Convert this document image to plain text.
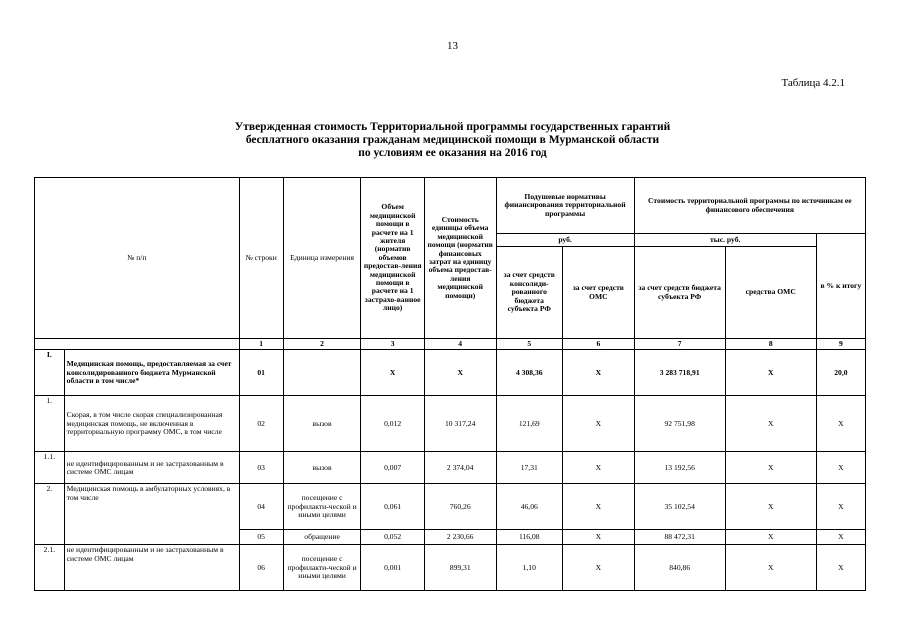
13
Таблица 4.2.1
Утвержденная стоимость Территориальной программы государственных гарантий
бесплатного оказания гражданам медицинской помощи в Мурманской области
по условиям ее оказания на 2016 год
№ п/п		№ строки	Единица измерения	Объем медицинской помощи в расчете на 1 жителя (норматив объемов предостав-ления медицинской помощи в расчете на 1 застрахо-ванное лицо)	Стоимость единицы объема медицинской помощи (норматив финансовых затрат на единицу объема предостав-ления медицинской помощи)	Подушевые нормативы финансирования территориальной программы		Стоимость территориальной программы по источникам ее финансового обеспечения		
						руб.		тыс. руб.		в % к итогу
						за счет средств консолиди-рованного бюджета субъекта РФ	за счет средств ОМС	за счет средств бюджета субъекта РФ	средства ОМС	
		1	2	3	4	5	6	7	8	9
I.	Медицинская помощь, предоставляемая за счет консолидированного бюджета Мурманской области в том числе*	01		X	X	4 308,36	X	3 283 718,91	X	20,0
1.	Скорая, в том числе скорая специализированная медицинская помощь, не включенная в территориальную программу ОМС, в том числе	02	вызов	0,012	10 317,24	121,69	X	92 751,98	X	X
1.1.	не идентифицированным и не застрахованным в системе ОМС лицам	03	вызов	0,007	2 374,04	17,31	X	13 192,56	X	X
2.	Медицинская помощь в амбулаторных условиях, в том числе	04	посещение с профилакти-ческой и иными целями	0,061	760,26	46,06	X	35 102,54	X	X
		05	обращение	0,052	2 230,66	116,08	X	88 472,31	X	X
2.1.	не идентифицированным и не застрахованным в системе ОМС лицам	06	посещение с профилакти-ческой и иными целями	0,001	899,31	1,10	X	840,86	X	X
